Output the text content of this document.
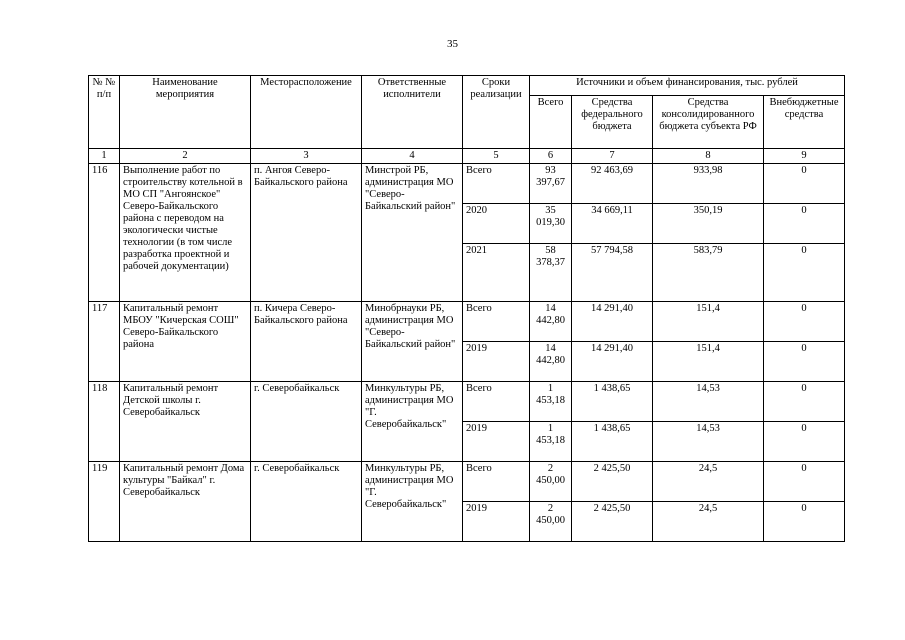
35
№ № п/п	Наименование мероприятия	Месторасположение	Ответственные исполнители	Сроки реализации	Источники и объем финансирования, тыс. рублей			
					Всего	Средства федерального бюджета	Средства консолидированного бюджета субъекта РФ	Внебюджетные средства
1	2	3	4	5	6	7	8	9
116	Выполнение работ по строительству котельной в МО СП "Ангоянское" Северо-Байкальского района с переводом на экологически чистые технологии (в том числе разработка проектной и рабочей документации)	п. Ангоя Северо-Байкальского района	Минстрой РБ, администрация МО "Северо-Байкальский район"	Всего	93 397,67	92 463,69	933,98	0
				2020	35 019,30	34 669,11	350,19	0
				2021	58 378,37	57 794,58	583,79	0
117	Капитальный ремонт МБОУ "Кичерская СОШ" Северо-Байкальского района	п. Кичера Северо-Байкальского района	Минобрнауки РБ, администрация МО "Северо-Байкальский район"	Всего	14 442,80	14 291,40	151,4	0
				2019	14 442,80	14 291,40	151,4	0
118	Капитальный ремонт Детской школы г. Северобайкальск	г. Северобайкальск	Минкультуры РБ, администрация МО "Г. Северобайкальск"	Всего	1 453,18	1 438,65	14,53	0
				2019	1 453,18	1 438,65	14,53	0
119	Капитальный ремонт Дома культуры "Байкал" г. Северобайкальск	г. Северобайкальск	Минкультуры РБ, администрация МО "Г. Северобайкальск"	Всего	2 450,00	2 425,50	24,5	0
				2019	2 450,00	2 425,50	24,5	0
